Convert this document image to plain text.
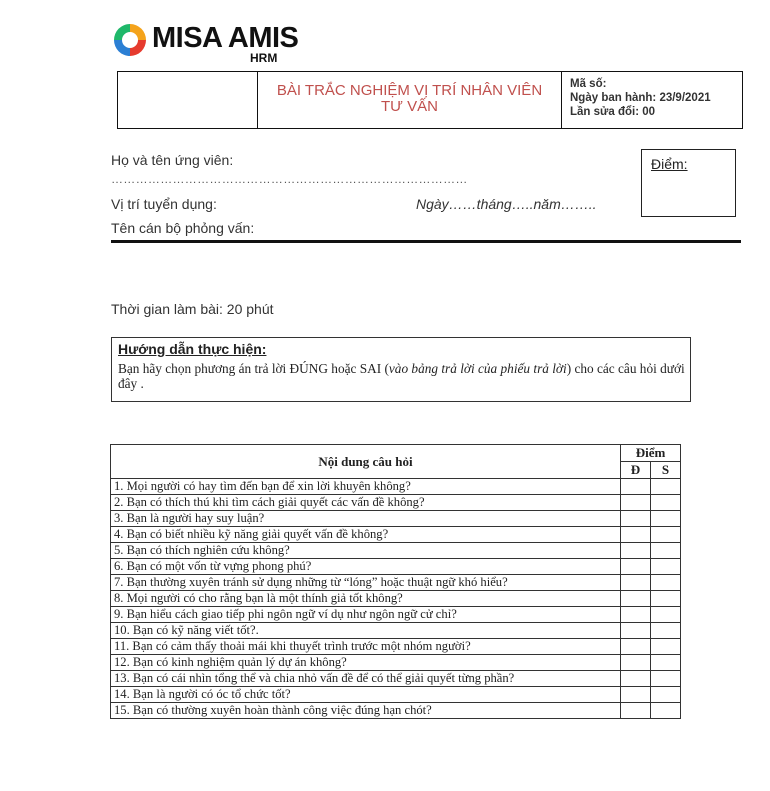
MISA AMIS
HRM
BÀI TRẮC NGHIỆM VỊ TRÍ NHÂN VIÊN
TƯ VẤN
Mã số:
Ngày ban hành: 23/9/2021
Lần sửa đổi: 00
Họ và tên ứng viên:
……………………………………………………………………………
Vị trí tuyển dụng:	Ngày……tháng…..năm……..
Tên cán bộ phỏng vấn:
Điểm:
Thời gian làm bài: 20 phút
Hướng dẫn thực hiện:
Bạn hãy chọn phương án trả lời ĐÚNG hoặc SAI (vào bảng trả lời của phiếu trả lời) cho các câu hỏi dưới đây .
Nội dung câu hỏi	Điểm	
	Đ	S
1. Mọi người có hay tìm đến bạn để xin lời khuyên không?		
2. Bạn có thích thú khi tìm cách giải quyết các vấn đề không?		
3. Bạn là người hay suy luận?		
4. Bạn có biết nhiều kỹ năng giải quyết vấn đề không?		
5. Bạn có thích nghiên cứu không?		
6. Bạn có một vốn từ vựng phong phú?		
7. Bạn thường xuyên tránh sử dụng những từ “lóng” hoặc thuật ngữ khó hiểu?		
8. Mọi người có cho rằng bạn là một thính giả tốt không?		
9. Bạn hiểu cách giao tiếp phi ngôn ngữ ví dụ như ngôn ngữ cử chỉ?		
10. Bạn có kỹ năng viết tốt?.		
11. Bạn có cảm thấy thoải mái khi thuyết trình trước một nhóm người?		
12. Bạn có kinh nghiệm quản lý dự án không?		
13. Bạn có cái nhìn tổng thể và chia nhỏ vấn đề để có thể giải quyết từng phần?		
14. Bạn là người có óc tổ chức tốt?		
15. Bạn có thường xuyên hoàn thành công việc đúng hạn chót?		
